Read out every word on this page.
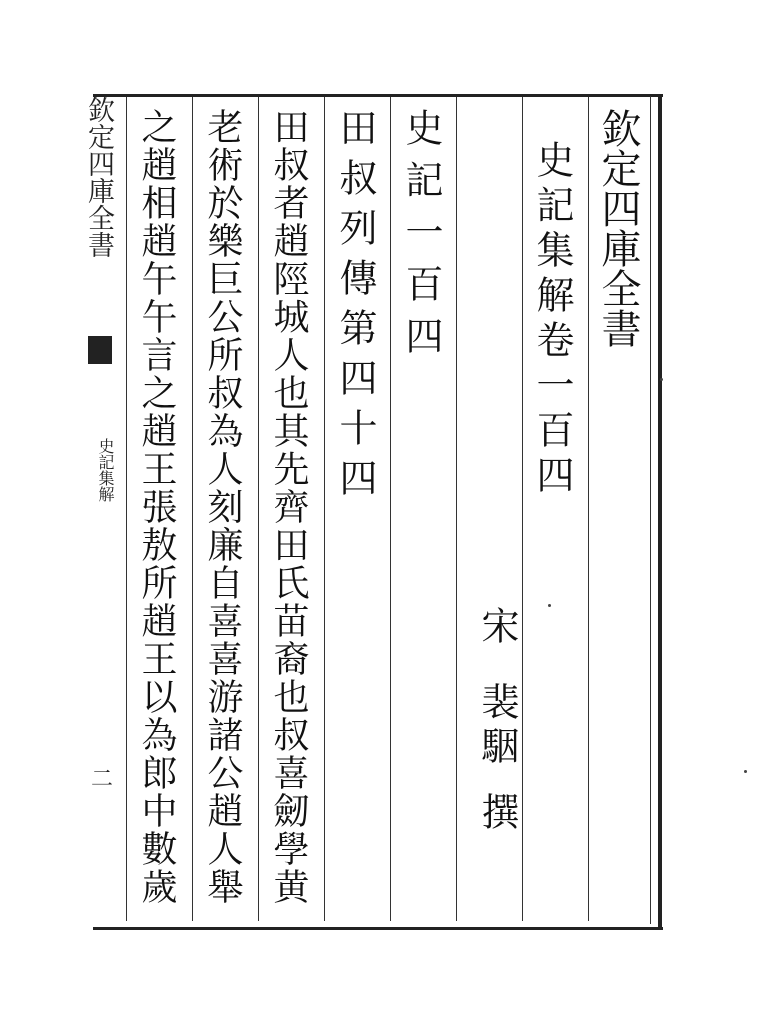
欽定四庫全書
史記集解卷一百四
宋
裴駰
撰
史記一百四
田叔列傳第四十四
田叔者趙陘城人也其先齊田氏苗裔也叔喜劒學黄
老術於樂巨公所叔為人刻廉自喜喜游諸公趙人舉
之趙相趙午午言之趙王張敖所趙王以為郎中數歲
欽定四庫全書
史記集解
二
